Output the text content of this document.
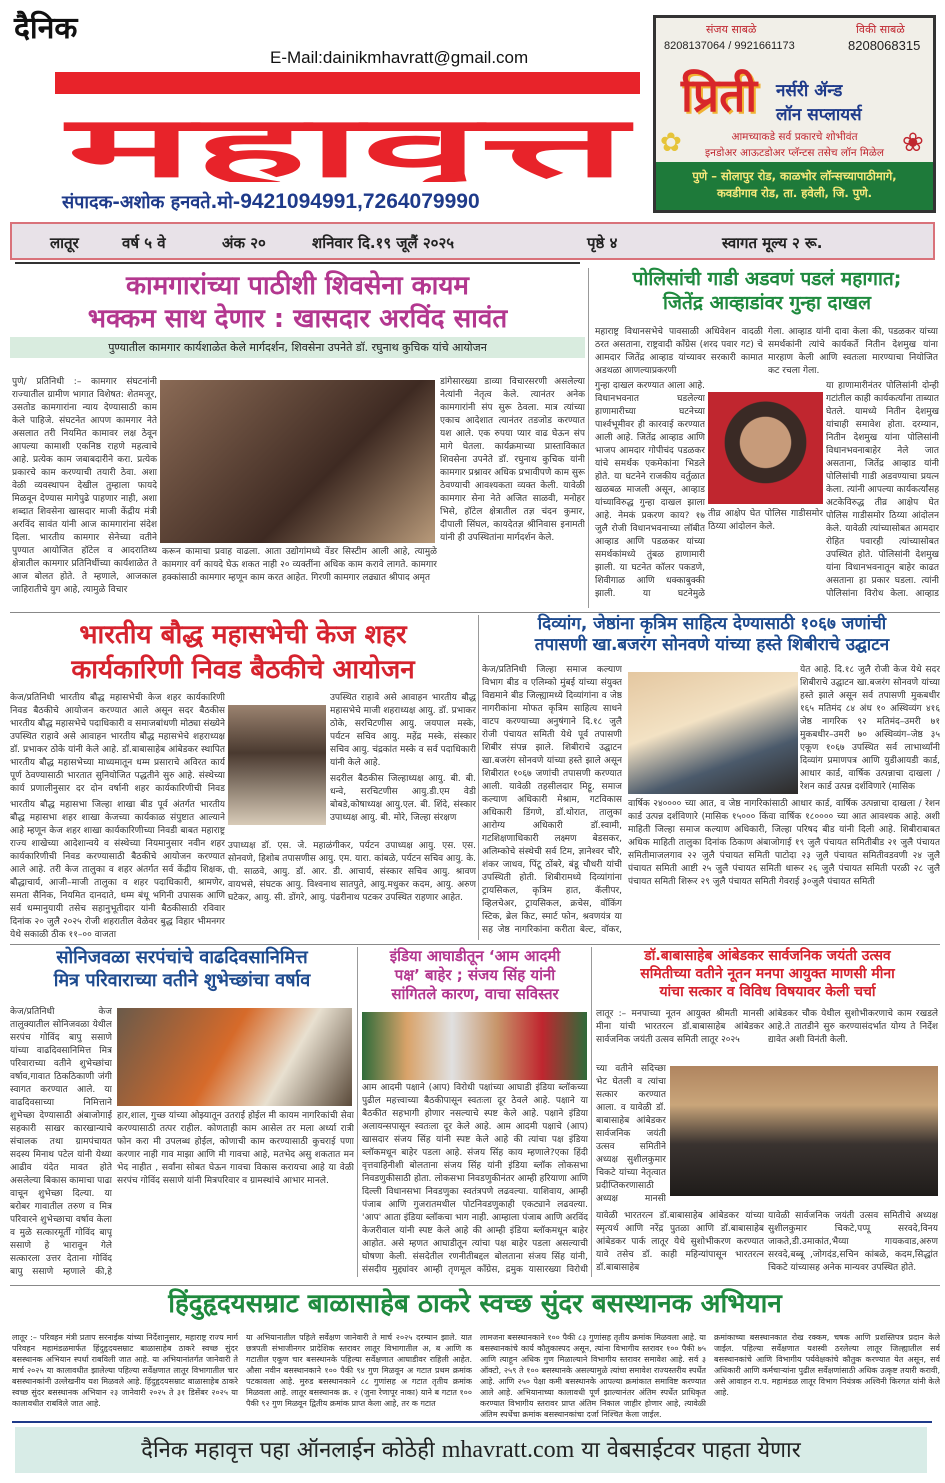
दैनिक
E-Mail:dainikmhavratt@gmail.com
महावृत्त
संपादक-अशोक हनवते.मो-9421094991,7264079990
संजय साबळे
8208137064 / 9921661173
विकी साबळे
8208068315
प्रिती नर्सरी ॲन्ड
लॉन सप्लायर्स
✿	❀
आमच्याकडे सर्व प्रकारचे शोभीवंत
इनडोअर आऊटडोअर प्लॅन्टस तसेच लॉन मिळेल
पुणे – सोलापुर रोड, काळभोर लॉन्सच्यापाठीमागे,
कवडीगाव रोड, ता. हवेली, जि. पुणे.
लातूर	वर्ष ५ वे	अंक २०	शनिवार दि.१९ जूलैं २०२५	पृष्ठे ४	स्वागत मूल्य २ रू.
कामगारांच्या पाठीशी शिवसेना कायम
भक्कम साथ देणार : खासदार अरविंद सावंत
पुण्यातील कामगार कार्यशाळेत केले मार्गदर्शन, शिवसेना उपनेते डॉ. रघुनाथ कुचिक यांचे आयोजन
पुणे/ प्रतिनिधी :– कामगार संघटनांनी राज्यातील ग्रामीण भागात विशेषत: शेतमजूर, उसतोड कामगारांना न्याय देण्यासाठी काम केले पाहिजे. संघटनेत आपण कामगार नेते असलात तरी नियमित कामावर लक्ष ठेवून आपल्या कामाशी एकनिष्ठ राहणे महत्वाचे आहे. प्रत्येक काम जबाबदारीने करा. प्रत्येक प्रकारचे काम करण्याची तयारी ठेवा. अशा वेळी व्यवस्थापन देखील तुम्हाला फायदे मिळवून देण्यास मागेपुढे पाहणार नाही, अशा शब्दात शिवसेना खासदार माजी केंद्रीय मंत्री अरविंद सावंत यांनी आज कामगारांना संदेश दिला. भारतीय कामगार सेनेच्या वतीने पुण्यात आयोजित हॉटेल व आदरातिथ्य क्षेत्रातील कामगार प्रतिनिधींच्या कार्यशाळेत ते आज बोलत होते. ते म्हणाले, आजकाल जाहिरातीचे युग आहे, त्यामुळे विचार
करून कामाचा प्रवाह वाढला. आता उद्योगांमध्ये वेंडर सिस्टीम आली आहे, त्यामुळे कामगार वर्ग कायदे घेऊ शकत नाही २० व्यक्तींना अधिक काम करावे लागते. कामगार हक्कांसाठी कामगार म्हणून काम करत आहेत. गिरणी कामगार लढ्यात श्रीपाद अमृत
डांगेसारख्या डाव्या विचारसरणी असलेल्या नेत्यांनी नेतृत्व केले. त्यानंतर अनेक कामगारांनी संप सुरू ठेवला. मात्र त्यांच्या एकाच आदेशात त्यानंतर तडजोड करण्यात यश आले. एक रुपया प्यार वाढ घेऊन संप मागे घेतला. कार्यक्रमाच्या प्रास्ताविकात शिवसेना उपनेते डॉ. रघुनाथ कुचिक यांनी कामगार प्रश्नावर अधिक प्रभावीपणे काम सुरू ठेवण्याची आवश्यकता व्यक्त केली. यावेळी कामगार सेना नेते अजित साळवी, मनोहर भिसे, हॉटेल क्षेत्रातील तज्ञ चंदन कुमार, दीपाली सिंघल, कायदेतज्ञ श्रीनिवास इनामती यांनी ही उपस्थितांना मार्गदर्शन केले.
पोलिसांची गाडी अडवणं पडलं महागात;
जितेंद्र आव्हाडांवर गुन्हा दाखल
महाराष्ट्र विधानसभेचे पावसाळी अधिवेशन वादळी ठरत असताना, राष्ट्रवादी काँग्रेस (शरद पवार गट) चे आमदार जितेंद्र आव्हाड यांच्यावर सरकारी कामात अडथळा आणल्याप्रकरणी
गेला. आव्हाड यांनी दावा केला की, पडळकर यांच्या समर्थकांनी त्यांचे कार्यकर्ते नितीन देशमुख यांना मारहाण केली आणि स्वतःला मारण्याचा नियोजित कट रचला गेला.
गुन्हा दाखल करण्यात आला आहे. विधानभवनात घडलेल्या हाणामारीच्या घटनेच्या पार्श्वभूमीवर ही कारवाई करण्यात आली आहे. जितेंद्र आव्हाड आणि भाजप आमदार गोपीचंद पडळकर यांचे समर्थक एकमेकांना भिडले होते. या घटनेने राजकीय वर्तुळात खळबळ माजली असून, आव्हाड यांच्याविरुद्ध गुन्हा दाखल झाला आहे. नेमकं प्रकरण काय? १७ जुलै रोजी विधानभवनाच्या लॉबीत आव्हाड आणि पडळकर यांच्या समर्थकांमध्ये तुंबळ हाणामारी झाली. या घटनेत कॉलर पकडणे, शिवीगाळ आणि धक्काबुक्की झाली. या घटनेमुळे
या हाणामारीनंतर पोलिसांनी दोन्ही गटांतील काही कार्यकर्त्यांना ताब्यात घेतले. यामध्ये नितीन देशमुख यांचाही समावेश होता. दरम्यान, नितीन देशमुख यांना पोलिसांनी विधानभवनाबाहेर नेले जात असताना, जितेंद्र आव्हाड यांनी पोलिसांची गाडी अडवण्याचा प्रयत्न केला. त्यांनी आपल्या कार्यकर्त्यांसह अटकेविरुद्ध तीव्र आक्षेप घेत पोलिस गाडीसमोर ठिय्या आंदोलन केले. यावेळी त्यांच्यासोबत आमदार रोहित पवारही त्यांच्यासोबत उपस्थित होते. पोलिसांनी देशमुख यांना विधानभवनातून बाहेर काढत असताना हा प्रकार घडला. त्यांनी पोलिसांना विरोध केला. आव्हाड
तीव्र आक्षेप घेत पोलिस गाडीसमोर ठिय्या आंदोलन केले.
भारतीय बौद्ध महासभेची केज शहर
कार्यकारिणी निवड बैठकीचे आयोजन
केज/प्रतिनिधी भारतीय बौद्ध महासभेची केज शहर कार्यकारिणी निवड बैठकीचे आयोजन करण्यात आले असून सदर बैठकीस भारतीय बौद्ध महासभेचे पदाधिकारी व समाजबांधणी मोठ्या संख्येने उपस्थित राहावे असे आवाहन भारतीय बौद्ध महासभेचे शहराध्यक्ष डॉ. प्रभाकर ठोके यांनी केले आहे. डॉ.बाबासाहेब आंबेडकर स्थापित भारतीय बौद्ध महासभेच्या माध्यमातून धम्म प्रसाराचे अविरत कार्य पूर्ण ठेवण्यासाठी भारतात सुनियोजित पद्धतीने सुरु आहे. संस्थेच्या कार्य प्रणालीनुसार दर दोन वर्षानी शहर कार्यकारिणीची निवड
भारतीय बौद्ध महासभा जिल्हा शाखा बीड पूर्व अंतर्गत भारतीय बौद्ध महासभा शहर शाखा केजच्या कार्यकाळ संपुष्टात आल्याने आहे म्हणून केज शहर शाखा कार्यकारिणीच्या निवडी बाबत महाराष्ट्र राज्य शाखेच्या आदेशान्वये व संस्थेच्या नियमानुसार नवीन शहर कार्यकारिणीची निवड करण्यासाठी बैठकीचे आयोजन करण्यात आले आहे. तरी केज तालुका व शहर अंतर्गत सर्व केंद्रीय शिक्षक, बौद्धाचार्य, आजी–माजी तालुका व शहर पदाधिकारी, श्रामणेर, समता सैनिक, नियमित दानदाते, धम्म बंधू भगिनी उपासक आणि सर्व धम्मानुयायी तसेच सहानुभूतीदार यांनी बैठकीसाठी रविवार दिनांक २० जुलै २०२५ रोजी शहरातील वेळेवर बुद्ध विहार भीमनगर येथे सकाळी ठीक ११–०० वाजता
उपस्थित राहावे असे आवाहन भारतीय बौद्ध महासभेचे माजी शहराध्यक्ष आयु. डॉ. प्रभाकर ठोके, सरचिटणीस आयु. जयपाल मस्के, पर्यटन सचिव आयु. महेंद्र मस्के, संस्कार सचिव आयु. चंद्रकांत मस्के व सर्व पदाधिकारी यांनी केले आहे.
सदरील बैठकीस जिल्हाध्यक्ष आयु. बी. बी. धन्वे, सरचिटणीस आयु.डी.एम वेडी बोबडे,कोषाध्यक्ष आयु.एल. बी. शिंदे, संस्कार उपाध्यक्ष आयु. बी. मोरे, जिल्हा संरक्षण
उपाध्यक्ष डॉ. एस. जे. महाळंगीकर, पर्यटन उपाध्यक्ष आयु. एस. एस. सोनवणे, हिशोब तपासणीस आयु. एम. यारा. कांबळे, पर्यटन सचिव आयु. के. पी. साळवे, आयु. डॉ. आर. डी. आचार्य, संस्कार सचिव आयु. श्रावण वायभसे, संघटक आयु. विश्वनाथ सातपुते, आयु.मधुकर कदम, आयु. अरुण घटेकर, आयु. सी. डोंगरे, आयु. पंढरीनाथ पटकर उपस्थित राहणार आहेत.
दिव्यांग, जेष्ठांना कृत्रिम साहित्य देण्यासाठी १०६७ जणांची
तपासणी खा.बजरंग सोनवणे यांच्या हस्ते शिबीराचे उद्घाटन
केज/प्रतिनिधी जिल्हा समाज कल्याण विभाग बीड व एलिम्को मुंबई यांच्या संयुक्त विद्यमाने बीड जिल्ह्यामध्ये दिव्यांगांना व जेष्ठ नागरीकांना मोफत कृत्रिम साहित्य साधने वाटप करण्याच्या अनुषंगाने दि.१८ जुलै रोजी पंचायत समिती येथे पूर्व तपासणी शिबीर संपन्न झाले. शिबीराचे उद्घाटन खा.बजरंग सोनवणे यांच्या हस्ते झाले असून शिबीरात १०६७ जणांची तपासणी करण्यात आली. यावेळी तहसीलदार मिट्टू, समाज कल्याण अधिकारी मेश्राम, गटविकास अधिकारी डिंगणे, डॉ.थोरात, तालुका आरोग्य अधिकारी डॉ.स्वामी, गटशिक्षणाधिकारी लक्ष्मण बेडसकर, अलिम्कोचे संस्थेची सर्व टिम, ज्ञानेश्वर चौरे, शंकर जाधव, पिंटू ठोंबरे, बंडू चौधरी यांची उपस्थिती होती. शिबीरामध्ये दिव्यांगांना ट्रायसिकल, कृत्रिम हात, कॅलीपर, व्हिलचेअर, ट्रायसिकल, क्रचेस, वॉकिंग स्टिक, ब्रेल किट, स्मार्ट फोन, श्रवणयंत्र या सह जेष्ठ नागरिकांना करीता बेल्ट, वॉकर,
येत आहे. दि.१८ जुलै रोजी केज येथे सदर शिबीराचे उद्घाटन खा.बजरंग सोनवणे यांच्या हस्ते झाले असून सर्व तपासणी मुकबधीर १६५ मतिमंद ८४ अंध १० अस्थिव्यंग ४१६ जेष्ठ नागरिक ९२ मतिमंद–उमरी ७१ मुकबधीर–उमरी ७० अस्थिव्यंग–जेष्ठ ३५ एकूण १०६७ उपस्थित सर्व लाभार्थ्यांनी दिव्यांग प्रमाणपत्र आणि युडीआयडी कार्ड, आधार कार्ड, वार्षिक उत्पन्नाचा दाखला / रेशन कार्ड उत्पन्न दर्शविणारे (मासिक
वार्षिक २४०००० च्या आत, व जेष्ठ नागरिकांसाठी आधार कार्ड, वार्षिक उत्पन्नाचा दाखला / रेशन कार्ड उत्पन्न दर्शविणारे (मासिक १५००० किंवा वार्षिक १८०००० च्या आत आवश्यक आहे. अशी माहिती जिल्हा समाज कल्याण अधिकारी, जिल्हा परिषद बीड यांनी दिली आहे. शिबीराबाबत अधिक माहिती तालुका दिनांक ठिकाण अंबाजोगाई १९ जुलै पंचायत समितीबीड २१ जुलै पंचायत समितीमाजलगाव २२ जुलै पंचायत समिती पाटोदा २३ जुलै पंचायत समितीवडवणी २४ जुलै पंचायत समिती आष्टी २५ जुलै पंचायत समिती धारूर २६ जुलै पंचायत समिती परळी २८ जुलै पंचायत समिती शिरूर २९ जुलै पंचायत समिती गेवराई ३०जुलै पंचायत समिती
सोनिजवळा सरपंचांचे वाढदिवसानिमित्त
मित्र परिवाराच्या वतीने शुभेच्छांचा वर्षाव
केज/प्रतिनिधी केज तालुक्यातील सोनिजवळा येथील सरपंच गोविंद बापु ससाणे यांच्या वाढदिवसानिमित्त मित्र परिवाराच्या वतीने शुभेच्छांचा वर्षाव,गावात ठिकठिकाणी जंगी स्वागत करण्यात आले. या वाढदिवसाच्या निमित्ताने शुभेच्छा देण्यासाठी अंबाजोगाई सहकारी साखर कारखान्याचे संचालक तथा ग्रामपंचायत सदस्य मिनाथ पटेल यांनी येथ्या आढीव यंदेत मावत होते असलेल्या बिकास कामाचा पाढा वाचून शुभेच्छा दिल्या. या बरोबर गावातील तरुण व मित्र परिवारने शुभेच्छाचा वर्षाव केला व मुळे सत्कारमूर्ती गोविंद बापू ससाणे हे भारावून गेले सत्कारला उत्तर देताना गोविंद बापु ससाणे म्हणाले की,हे
हार,शाल, गुच्छ यांच्या ओझ्यातून उतराई होईल मी कायम नागरिकांची सेवा करण्यासाठी तत्पर राहील. कोणताही काम आसेल तर मला अर्ध्या रात्री फोन करा मी उपलब्ध होईल, कोणाची काम करण्यासाठी कुचराई पणा करणार नाही गाव माझा आणि मी गावचा आहे, मतभेद असु शकतात मन भेद नाहीत , सर्वांना सोबत घेऊन गावचा विकास करायचा आहे या वेळी सरपंच गोविंद ससाणे यांनी मित्रपरिवार व ग्रामस्थांचे आभार मानले.
इंडिया आघाडीतून ‘आम आदमी
पक्ष’ बाहेर ; संजय सिंह यांनी
सांगितले कारण, वाचा सविस्तर
आम आदमी पक्षाने (आप) विरोधी पक्षांच्या आघाडी इंडिया ब्लॉकच्या पुढील महत्त्वाच्या बैठकीपासून स्वतःला दूर ठेवले आहे. पक्षाने या बैठकीत सहभागी होणार नसल्याचे स्पष्ट केले आहे. पक्षाने इंडिया अलायन्सपासून स्वतःला दूर केले आहे. आम आदमी पक्षाचे (आप) खासदार संजय सिंह यांनी स्पष्ट केले आहे की त्यांचा पक्ष इंडिया ब्लॉकमधून बाहेर पडला आहे. संजय सिंह काय म्हणाले?एका हिंदी वृत्तवाहिनीशी बोलताना संजय सिंह यांनी इंडिया ब्लॉक लोकसभा निवडणुकीसाठी होता. लोकसभा निवडणुकीनंतर आम्ही हरियाणा आणि दिल्ली विधानसभा निवडणुका स्वतंत्रपणे लढवल्या. याशिवाय, आम्ही पंजाब आणि गुजरातमधील पोटनिवडणुकाही एकट्याने लढवल्या. 'आप' आता इंडिया ब्लॉकचा भाग नाही. आम्हाला पंजाब आणि अरविंद केजरीवाल यांनी स्पष्ट केले आहे की आम्ही इंडिया ब्लॉकमधून बाहेर आहोत. असे म्हणत आघाडीतून त्यांचा पक्ष बाहेर पडला असल्याची घोषणा केली. संसदेतील रणनीतीबद्दल बोलताना संजय सिंह यांनी, संसदीय मुद्द्यांवर आम्ही तृणमूल काँग्रेस, द्रमुक यासारख्या विरोधी
डॉ.बाबासाहेब आंबेडकर सार्वजनिक जयंती उत्सव
समितीच्या वतीने नूतन मनपा आयुक्त माणसी मीना
यांचा सत्कार व विविध विषयावर केली चर्चा
लातूर :– मनपाच्या नूतन आयुक्त श्रीमती मानसी मीना यांची भारतरत्न डॉ.बाबासाहेब आंबेडकर सार्वजनिक जयंती उत्सव समिती लातूर २०२५
आंबेडकर चौक येथील सुशोभीकरणाचे काम रखडले आहे.ते तातडीने सुरु करण्यासंदर्भात योग्य ते निर्देश द्यावेत अशी विनंती केली.
च्या वतीने सदिच्छा भेट घेतली व त्यांचा सत्कार करण्यात आला. व यावेळी डॉ. बाबासाहेब आंबेडकर सार्वजनिक जयंती उत्सव समितीने अध्यक्ष सुशीलकुमार चिकटे यांच्या नेतृत्वात प्रदीप्तिकरणासाठी अध्यक्ष मानसी
यावेळी भारतरत्न डॉ.बाबासाहेब आंबेडकर यांच्या स्मृत्यर्थ आणि नरेंद्र पुतळा आणि डॉ.बाबासाहेब आंबेडकर पार्क लातूर येथे सुशोभीकरण करण्यात यावे तसेच डॉ. काही महिन्यांपासून भारतरत्न डॉ.बाबासाहेब
यावेळी सार्वजनिक जयंती उत्सव समितीचे अध्यक्ष सुशीलकुमार चिकटे,पप्पू सरवदे,विनय जाकते,डी.उमाकांत,भैय्या गायकवाड,अरुण सरवदे,बब्बू ,जोगदंड,सचिन कांबळे, कदम,सिद्धांत चिकटे यांच्यासह अनेक मान्यवर उपस्थित होते.
हिंदुहृदयसम्राट बाळासाहेब ठाकरे स्वच्छ सुंदर बसस्थानक अभियान
लातूर :– परिवहन मंत्री प्रताप सरनाईक यांच्या निर्देशानुसार, महाराष्ट्र राज्य मार्ग परिवहन महामंडळमार्फत हिंदुहृदयसम्राट बाळासाहेब ठाकरे स्वच्छ सुंदर बसस्थानक अभियान स्पर्धा राबविली जात आहे. या अभियानांतर्गत जानेवारी ते मार्च २०२५ या कालावधीत झालेल्या पहिल्या सर्वेक्षणात लातूर विभागातील चार बसस्थानकांनी उल्लेखनीय यश मिळवले आहे. हिंदुहृदयसम्राट बाळासाहेब ठाकरे स्वच्छ सुंदर बसस्थानक अभियान २३ जानेवारी २०२५ ते ३१ डिसेंबर २०२५ या कालावधीत राबविले जात आहे.
या अभियानातील पहिले सर्वेक्षण जानेवारी ते मार्च २०२५ दरम्यान झाले. यात छत्रपती संभाजीनगर प्रादेशिक स्तरावर लातूर विभागातील अ, ब आणि क गटातील एकूण चार बसस्थानके पहिल्या सर्वेक्षणात आघाडीवर राहिली आहेत. औसा नवीन बसस्थानकाने १०० पैकी ९४ गुण मिळवून अ गटात प्रथम क्रमांक पटकावला आहे. मुरुड बसस्थानकाने ८८ गुणांसह अ गटात तृतीय क्रमांक मिळवला आहे. लातूर बसस्थानक क्र. २ (जुना रेणापूर नाका) याने ब गटात १०० पैकी ९२ गुण मिळवून द्वितीय क्रमांक प्राप्त केला आहे, तर क गटात
लामजना बसस्थानकाने १०० पैकी ८३ गुणांसह तृतीय क्रमांक मिळवला आहे. या बसस्थानकांचे कार्य कौतुकास्पद असून, त्यांना विभागीय स्तरावर १०० पैकी ७५ आणि त्याहून अधिक गुण मिळाल्याने विभागीय स्तरावर समावेश आहे. सर्व ३ ऑक्टो, २५९ ते १०० बसस्थानके असल्यामुळे त्यांचा समावेश राज्यस्तरीय स्पर्धेत आहे. आणि २५० पेक्षा कमी बसस्थानके आपल्या क्रमांकात समाविष्ट करण्यात आले आहे. अभियानाच्या कालावधी पूर्ण झाल्यानंतर अंतिम स्पर्धेत प्राधिकृत करण्यात विभागीय स्तरावर प्राप्त अंतिम निकाल जाहीर होणार आहे, त्यावेळी अंतिम स्पर्धेचा क्रमांक बसस्थानकांचा दर्जा निश्चित केला जाईल.
क्रमांकाच्या बसस्थानकात रोख रक्कम, चषक आणि प्रशस्तिपत्र प्रदान केले जाईल. पहिल्या सर्वेक्षणात यशस्वी ठरलेल्या लातूर जिल्ह्यातील सर्व बसस्थानकांचे आणि विभागीय पर्यवेक्षकांचे कौतुक करण्यात येत असून, सर्व अधिकारी आणि कर्मचाऱ्यांना पुढील सर्वेक्षणांसाठी अधिक उत्कृष्ट तयारी करावी, असे आवाहन रा.प. महामंडळ लातूर विभाग नियंत्रक अश्विनी किरगत यांनी केले आहे.
दैनिक महावृत्त पहा ऑनलाईन कोठेही mhavratt.com या वेबसाईटवर पाहता येणार
